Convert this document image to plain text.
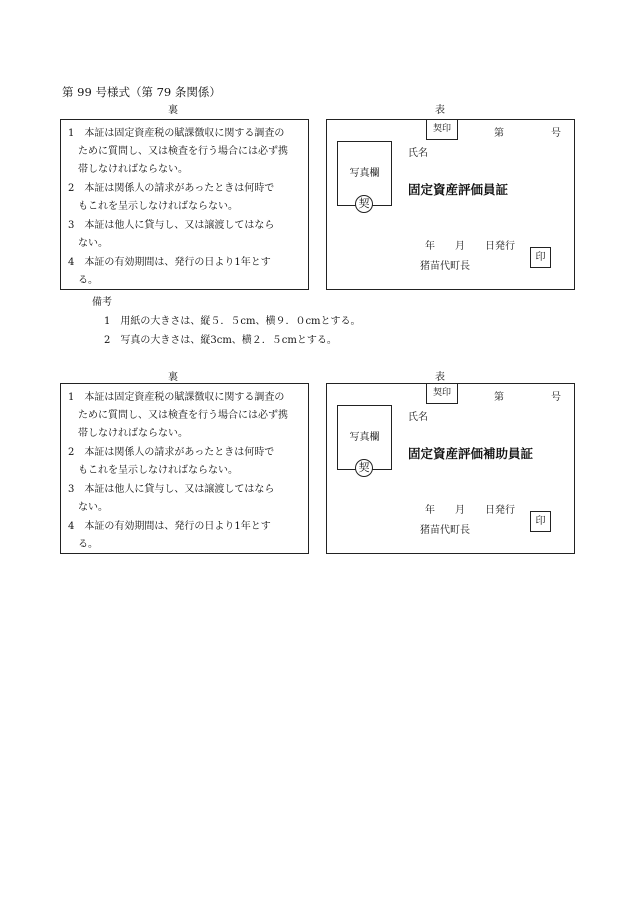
第 99 号様式（第 79 条関係）
裏	表
1　本証は固定資産税の賦課徴収に関する調査の
　ために質問し、又は検査を行う場合には必ず携
　帯しなければならない。
2　本証は関係人の請求があったときは何時で
　もこれを呈示しなければならない。
3　本証は他人に貸与し、又は譲渡してはなら
　ない。
4　本証の有効期間は、発行の日より1年とす
　る。
契印	第	号
氏名
写真欄
契
固定資産評価員証
年　　月　　日発行
猪苗代町長
印
備考
1　用紙の大きさは、縦５．５cm、横９．０cmとする。
2　写真の大きさは、縦3cm、横２．５cmとする。
裏	表
1　本証は固定資産税の賦課徴収に関する調査の
　ために質問し、又は検査を行う場合には必ず携
　帯しなければならない。
2　本証は関係人の請求があったときは何時で
　もこれを呈示しなければならない。
3　本証は他人に貸与し、又は譲渡してはなら
　ない。
4　本証の有効期間は、発行の日より1年とす
　る。
契印	第	号
氏名
写真欄
契
固定資産評価補助員証
年　　月　　日発行
猪苗代町長
印
